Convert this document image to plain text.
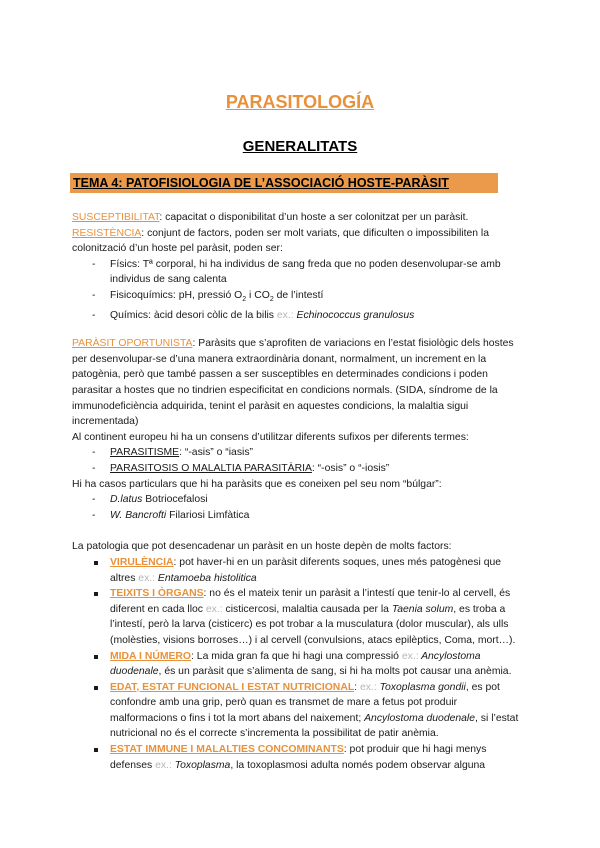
PARASITOLOGÍA
GENERALITATS
TEMA 4: PATOFISIOLOGIA DE L’ASSOCIACIÓ HOSTE-PARÀSIT

SUSCEPTIBILITAT: capacitat o disponibilitat d’un hoste a ser colonitzat per un paràsit.

RESISTÈNCIA: conjunt de factors, poden ser molt variats, que dificulten o impossibiliten la colonització d’un hoste pel paràsit, poden ser:

- Físics: Tª corporal, hi ha individus de sang freda que no poden desenvolupar-se amb individus de sang calenta
- Fisicoquímics: pH, pressió $O_2$ i $CO_2$ de l’intestí
- Químics: àcid desori còlic de la bilis ex.: Echinococcus granulosus

PARÀSIT OPORTUNISTA: Paràsits que s’aprofiten de variacions en l’estat fisiològic dels hostes per desenvolupar-se d’una manera extraordinària donant, normalment, un increment en la patogènia, però que també passen a ser susceptibles en determinades condicions i poden parasitar a hostes que no tindrien especificitat en condicions normals. (SIDA, síndrome de la immunodeficiència adquirida, tenint el paràsit en aquestes condicions, la malaltia sigui incrementada)

Al continent europeu hi ha un consens d’utilitzar diferents sufixos per diferents termes:

- PARASITISME: “-asis” o “iasis”
- PARASITOSIS O MALALTIA PARASITÀRIA: “-osis” o “-iosis”

Hi ha casos particulars que hi ha paràsits que es coneixen pel seu nom “búlgar”:

- D.latus Botriocefalosi
- W. Bancrofti Filariosi Limfàtica

La patologia que pot desencadenar un paràsit en un hoste depèn de molts factors:

VIRULÈNCIA: pot haver-hi en un paràsit diferents soques, unes més patogènesi que altres ex.: Entamoeba histolitica
TEIXITS I ÒRGANS: no és el mateix tenir un paràsit a l’intestí que tenir-lo al cervell, és diferent en cada lloc ex.: cisticercosi, malaltia causada per la Taenia solum, es troba a l’intestí, però la larva (cisticerc) es pot trobar a la musculatura (dolor muscular), als ulls (molèsties, visions borroses…) i al cervell (convulsions, atacs epilèptics, Coma, mort…).
MIDA I NÚMERO: La mida gran fa que hi hagi una compressió ex.: Ancylostoma duodenale, és un paràsit que s’alimenta de sang, si hi ha molts pot causar una anèmia.
EDAT, ESTAT FUNCIONAL I ESTAT NUTRICIONAL: ex.: Toxoplasma gondii, es pot confondre amb una grip, però quan es transmet de mare a fetus pot produir malformacions o fins i tot la mort abans del naixement; Ancylostoma duodenale, si l’estat nutricional no és el correcte s’incrementa la possibilitat de patir anèmia.
ESTAT IMMUNE I MALALTIES CONCOMINANTS: pot produir que hi hagi menys defenses ex.: Toxoplasma, la toxoplasmosi adulta només podem observar alguna
